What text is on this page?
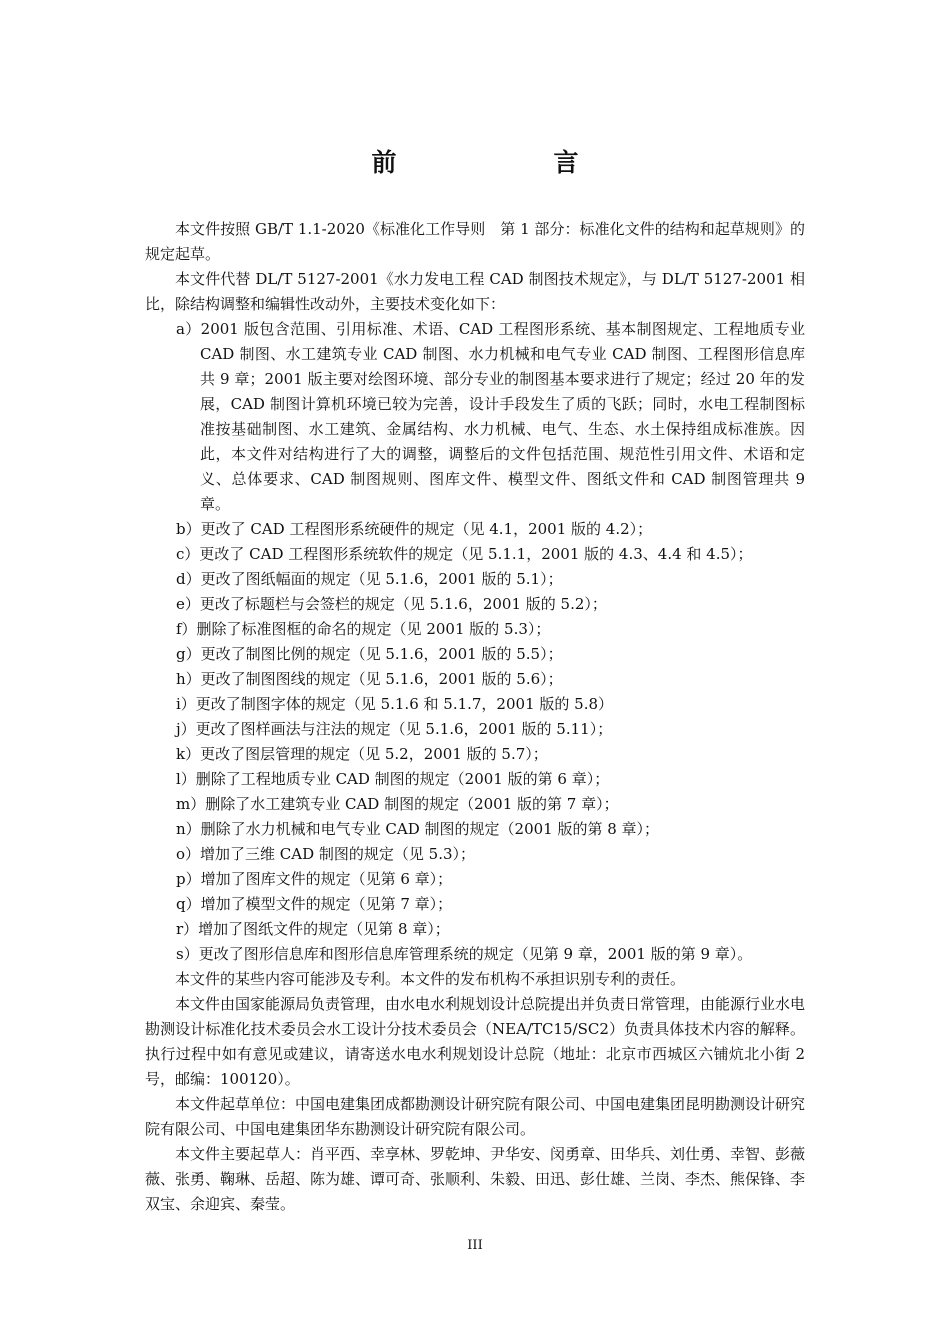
前　言

本文件按照 GB/T 1.1-2020《标准化工作导则　第 1 部分：标准化文件的结构和起草规则》的规定起草。

本文件代替 DL/T 5127-2001《水力发电工程 CAD 制图技术规定》，与 DL/T 5127-2001 相比，除结构调整和编辑性改动外，主要技术变化如下：

a）2001 版包含范围、引用标准、术语、CAD 工程图形系统、基本制图规定、工程地质专业 CAD 制图、水工建筑专业 CAD 制图、水力机械和电气专业 CAD 制图、工程图形信息库共 9 章；2001 版主要对绘图环境、部分专业的制图基本要求进行了规定；经过 20 年的发展，CAD 制图计算机环境已较为完善，设计手段发生了质的飞跃；同时，水电工程制图标准按基础制图、水工建筑、金属结构、水力机械、电气、生态、水土保持组成标准族。因此，本文件对结构进行了大的调整，调整后的文件包括范围、规范性引用文件、术语和定义、总体要求、CAD 制图规则、图库文件、模型文件、图纸文件和 CAD 制图管理共 9 章。

b）更改了 CAD 工程图形系统硬件的规定（见 4.1，2001 版的 4.2）；

c）更改了 CAD 工程图形系统软件的规定（见 5.1.1，2001 版的 4.3、4.4 和 4.5）；

d）更改了图纸幅面的规定（见 5.1.6，2001 版的 5.1）；

e）更改了标题栏与会签栏的规定（见 5.1.6，2001 版的 5.2）；

f）删除了标准图框的命名的规定（见 2001 版的 5.3）；

g）更改了制图比例的规定（见 5.1.6，2001 版的 5.5）；

h）更改了制图图线的规定（见 5.1.6，2001 版的 5.6）；

i）更改了制图字体的规定（见 5.1.6 和 5.1.7，2001 版的 5.8）

j）更改了图样画法与注法的规定（见 5.1.6，2001 版的 5.11）；

k）更改了图层管理的规定（见 5.2，2001 版的 5.7）；

l）删除了工程地质专业 CAD 制图的规定（2001 版的第 6 章）；

m）删除了水工建筑专业 CAD 制图的规定（2001 版的第 7 章）；

n）删除了水力机械和电气专业 CAD 制图的规定（2001 版的第 8 章）；

o）增加了三维 CAD 制图的规定（见 5.3）；

p）增加了图库文件的规定（见第 6 章）；

q）增加了模型文件的规定（见第 7 章）；

r）增加了图纸文件的规定（见第 8 章）；

s）更改了图形信息库和图形信息库管理系统的规定（见第 9 章，2001 版的第 9 章）。

本文件的某些内容可能涉及专利。本文件的发布机构不承担识别专利的责任。

本文件由国家能源局负责管理，由水电水利规划设计总院提出并负责日常管理，由能源行业水电勘测设计标准化技术委员会水工设计分技术委员会（NEA/TC15/SC2）负责具体技术内容的解释。执行过程中如有意见或建议，请寄送水电水利规划设计总院（地址：北京市西城区六铺炕北小街 2 号，邮编：100120）。

本文件起草单位：中国电建集团成都勘测设计研究院有限公司、中国电建集团昆明勘测设计研究院有限公司、中国电建集团华东勘测设计研究院有限公司。

本文件主要起草人：肖平西、幸享林、罗乾坤、尹华安、闵勇章、田华兵、刘仕勇、幸智、彭薇薇、张勇、鞠琳、岳超、陈为雄、谭可奇、张顺利、朱毅、田迅、彭仕雄、兰岗、李杰、熊保锋、李双宝、余迎宾、秦莹。

III
